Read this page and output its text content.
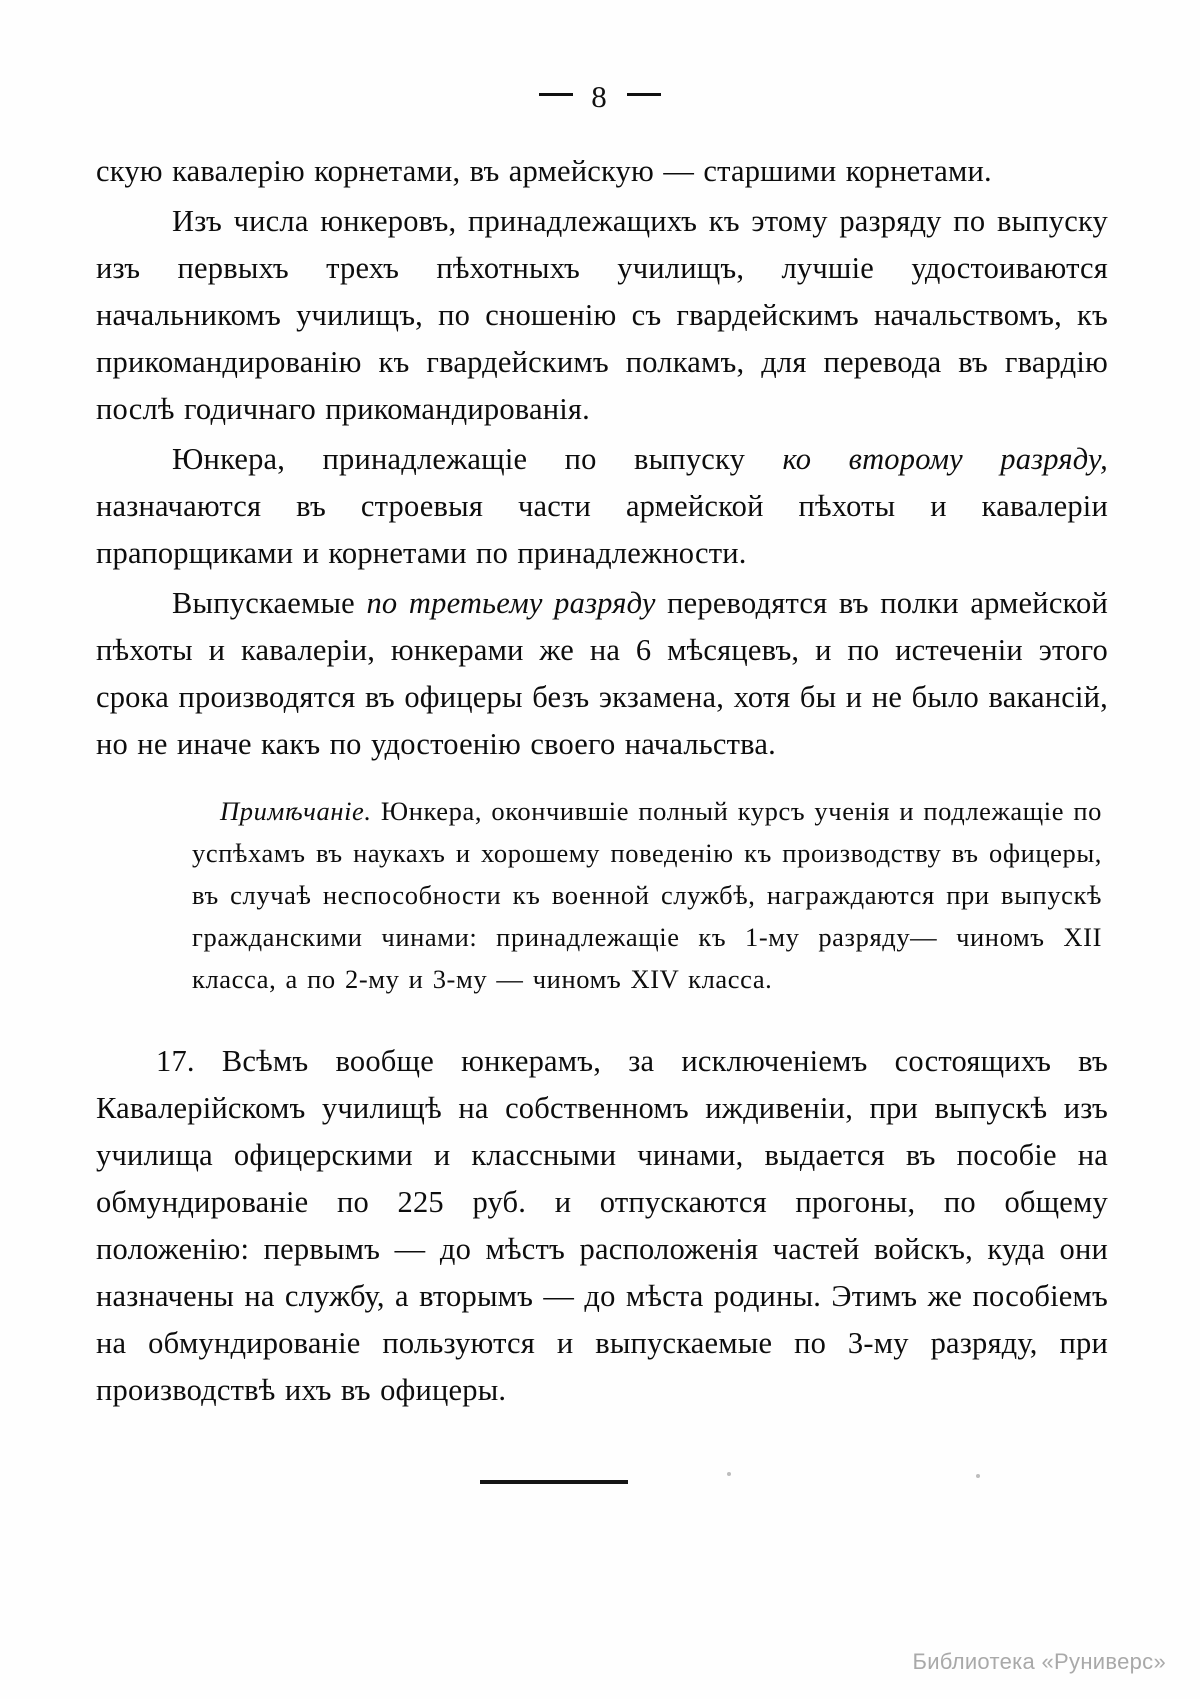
8

скую кавалерію корнетами, въ армейскую — старшими корнетами.

Изъ числа юнкеровъ, принадлежащихъ къ этому разряду по выпуску изъ первыхъ трехъ пѣхотныхъ училищъ, лучшіе удостоиваются начальникомъ училищъ, по сношенію съ гвардейскимъ начальствомъ, къ прикомандированію къ гвардейскимъ полкамъ, для перевода въ гвардію послѣ годичнаго прикомандированія.

Юнкера, принадлежащіе по выпуску ко второму разряду, назначаются въ строевыя части армейской пѣхоты и кавалеріи прапорщиками и корнетами по принадлежности.

Выпускаемые по третьему разряду переводятся въ полки армейской пѣхоты и кавалеріи, юнкерами же на 6 мѣсяцевъ, и по истеченіи этого срока производятся въ офицеры безъ экзамена, хотя бы и не было вакансій, но не иначе какъ по удостоенію своего начальства.

Примѣчаніе. Юнкера, окончившіе полный курсъ ученія и подлежащіе по успѣхамъ въ наукахъ и хорошему поведенію къ производству въ офицеры, въ случаѣ неспособности къ военной службѣ, награждаются при выпускѣ гражданскими чинами: принадлежащіе къ 1-му разряду— чиномъ XII класса, а по 2-му и 3-му — чиномъ XIV класса.

17. Всѣмъ вообще юнкерамъ, за исключеніемъ состоящихъ въ Кавалерійскомъ училищѣ на собственномъ иждивеніи, при выпускѣ изъ училища офицерскими и классными чинами, выдается въ пособіе на обмундированіе по 225 руб. и отпускаются прогоны, по общему положенію: первымъ — до мѣстъ расположенія частей войскъ, куда они назначены на службу, а вторымъ — до мѣста родины. Этимъ же пособіемъ на обмундированіе пользуются и выпускаемые по 3-му разряду, при производствѣ ихъ въ офицеры.

Библиотека «Руниверс»
